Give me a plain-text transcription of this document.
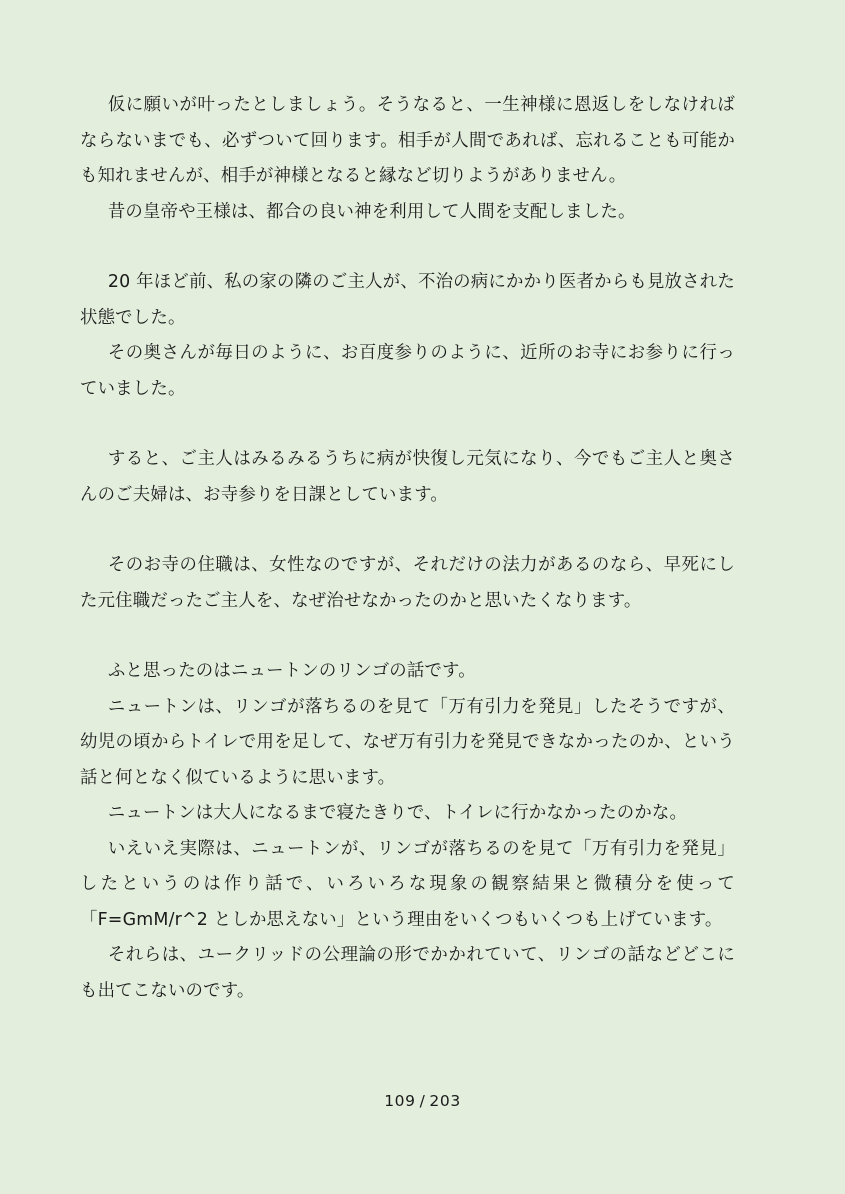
仮に願いが叶ったとしましょう。そうなると、一生神様に恩返しをしなければならないまでも、必ずついて回ります。相手が人間であれば、忘れることも可能かも知れませんが、相手が神様となると縁など切りようがありません。

昔の皇帝や王様は、都合の良い神を利用して人間を支配しました。

20 年ほど前、私の家の隣のご主人が、不治の病にかかり医者からも見放された状態でした。

その奥さんが毎日のように、お百度参りのように、近所のお寺にお参りに行っていました。

すると、ご主人はみるみるうちに病が快復し元気になり、今でもご主人と奥さんのご夫婦は、お寺参りを日課としています。

そのお寺の住職は、女性なのですが、それだけの法力があるのなら、早死にした元住職だったご主人を、なぜ治せなかったのかと思いたくなります。

ふと思ったのはニュートンのリンゴの話です。

ニュートンは、リンゴが落ちるのを見て「万有引力を発見」したそうですが、幼児の頃からトイレで用を足して、なぜ万有引力を発見できなかったのか、という話と何となく似ているように思います。

ニュートンは大人になるまで寝たきりで、トイレに行かなかったのかな。

いえいえ実際は、ニュートンが、リンゴが落ちるのを見て「万有引力を発見」したというのは作り話で、いろいろな現象の観察結果と微積分を使って「F=GmM/r^2 としか思えない」という理由をいくつもいくつも上げています。

それらは、ユークリッドの公理論の形でかかれていて、リンゴの話などどこにも出てこないのです。

109 / 203
